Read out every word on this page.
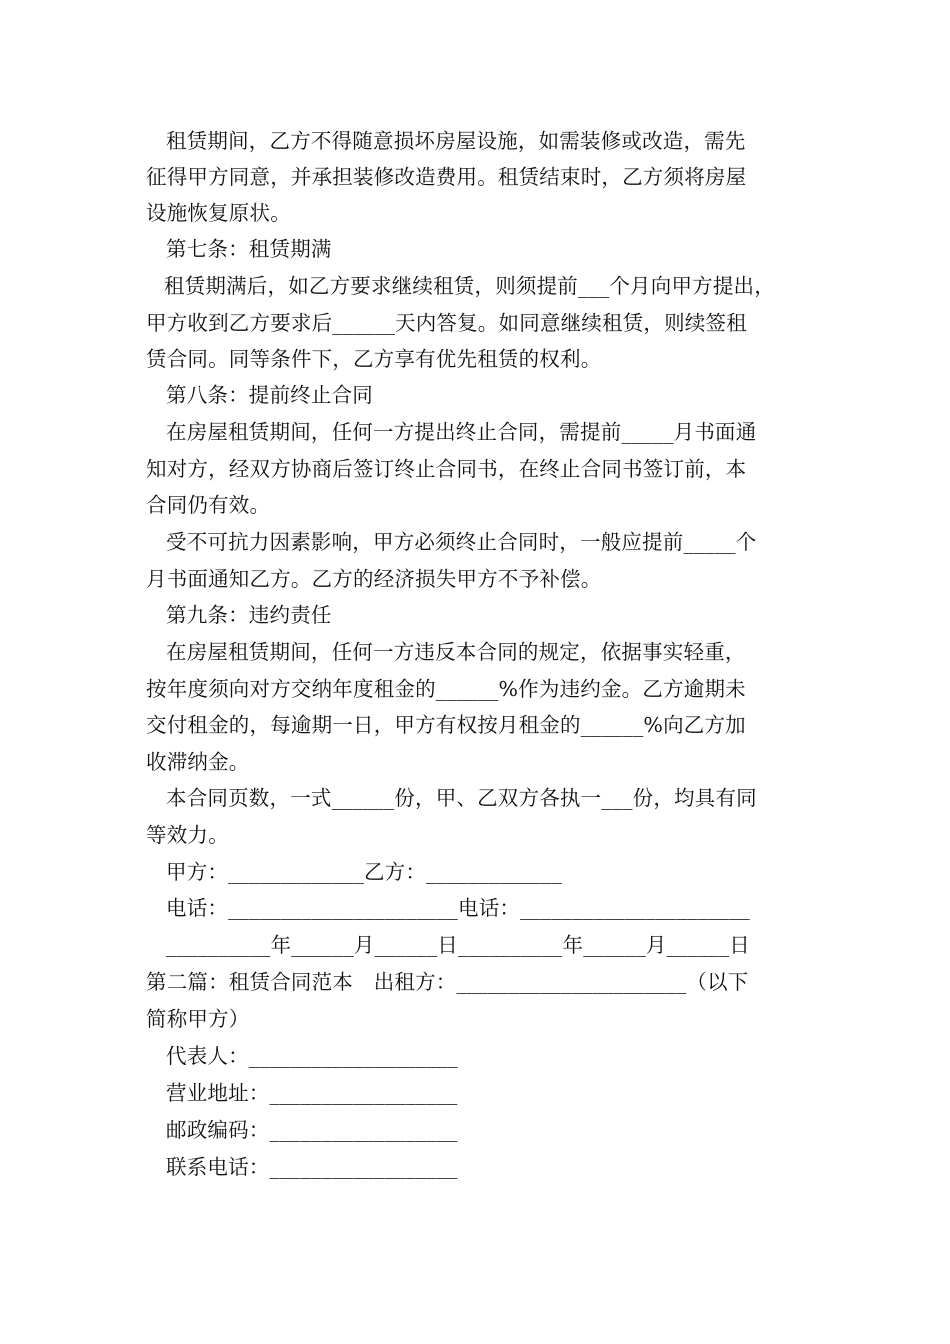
租赁期间，乙方不得随意损坏房屋设施，如需装修或改造，需先
征得甲方同意，并承担装修改造费用。租赁结束时，乙方须将房屋
设施恢复原状。
第七条：租赁期满
租赁期满后，如乙方要求继续租赁，则须提前___个月向甲方提出，
甲方收到乙方要求后______天内答复。如同意继续租赁，则续签租
赁合同。同等条件下，乙方享有优先租赁的权利。
第八条：提前终止合同
在房屋租赁期间，任何一方提出终止合同，需提前_____月书面通
知对方，经双方协商后签订终止合同书，在终止合同书签订前，本
合同仍有效。
受不可抗力因素影响，甲方必须终止合同时，一般应提前_____个
月书面通知乙方。乙方的经济损失甲方不予补偿。
第九条：违约责任
在房屋租赁期间，任何一方违反本合同的规定，依据事实轻重，
按年度须向对方交纳年度租金的______%作为违约金。乙方逾期未
交付租金的，每逾期一日，甲方有权按月租金的______%向乙方加
收滞纳金。
本合同页数，一式______份，甲、乙双方各执一___份，均具有同
等效力。
甲方：_____________乙方：_____________
电话：______________________电话：______________________
__________年______月______日__________年______月______日
第二篇：租赁合同范本　出租方：______________________（以下
简称甲方）
代表人：____________________
营业地址：__________________
邮政编码：__________________
联系电话：__________________
